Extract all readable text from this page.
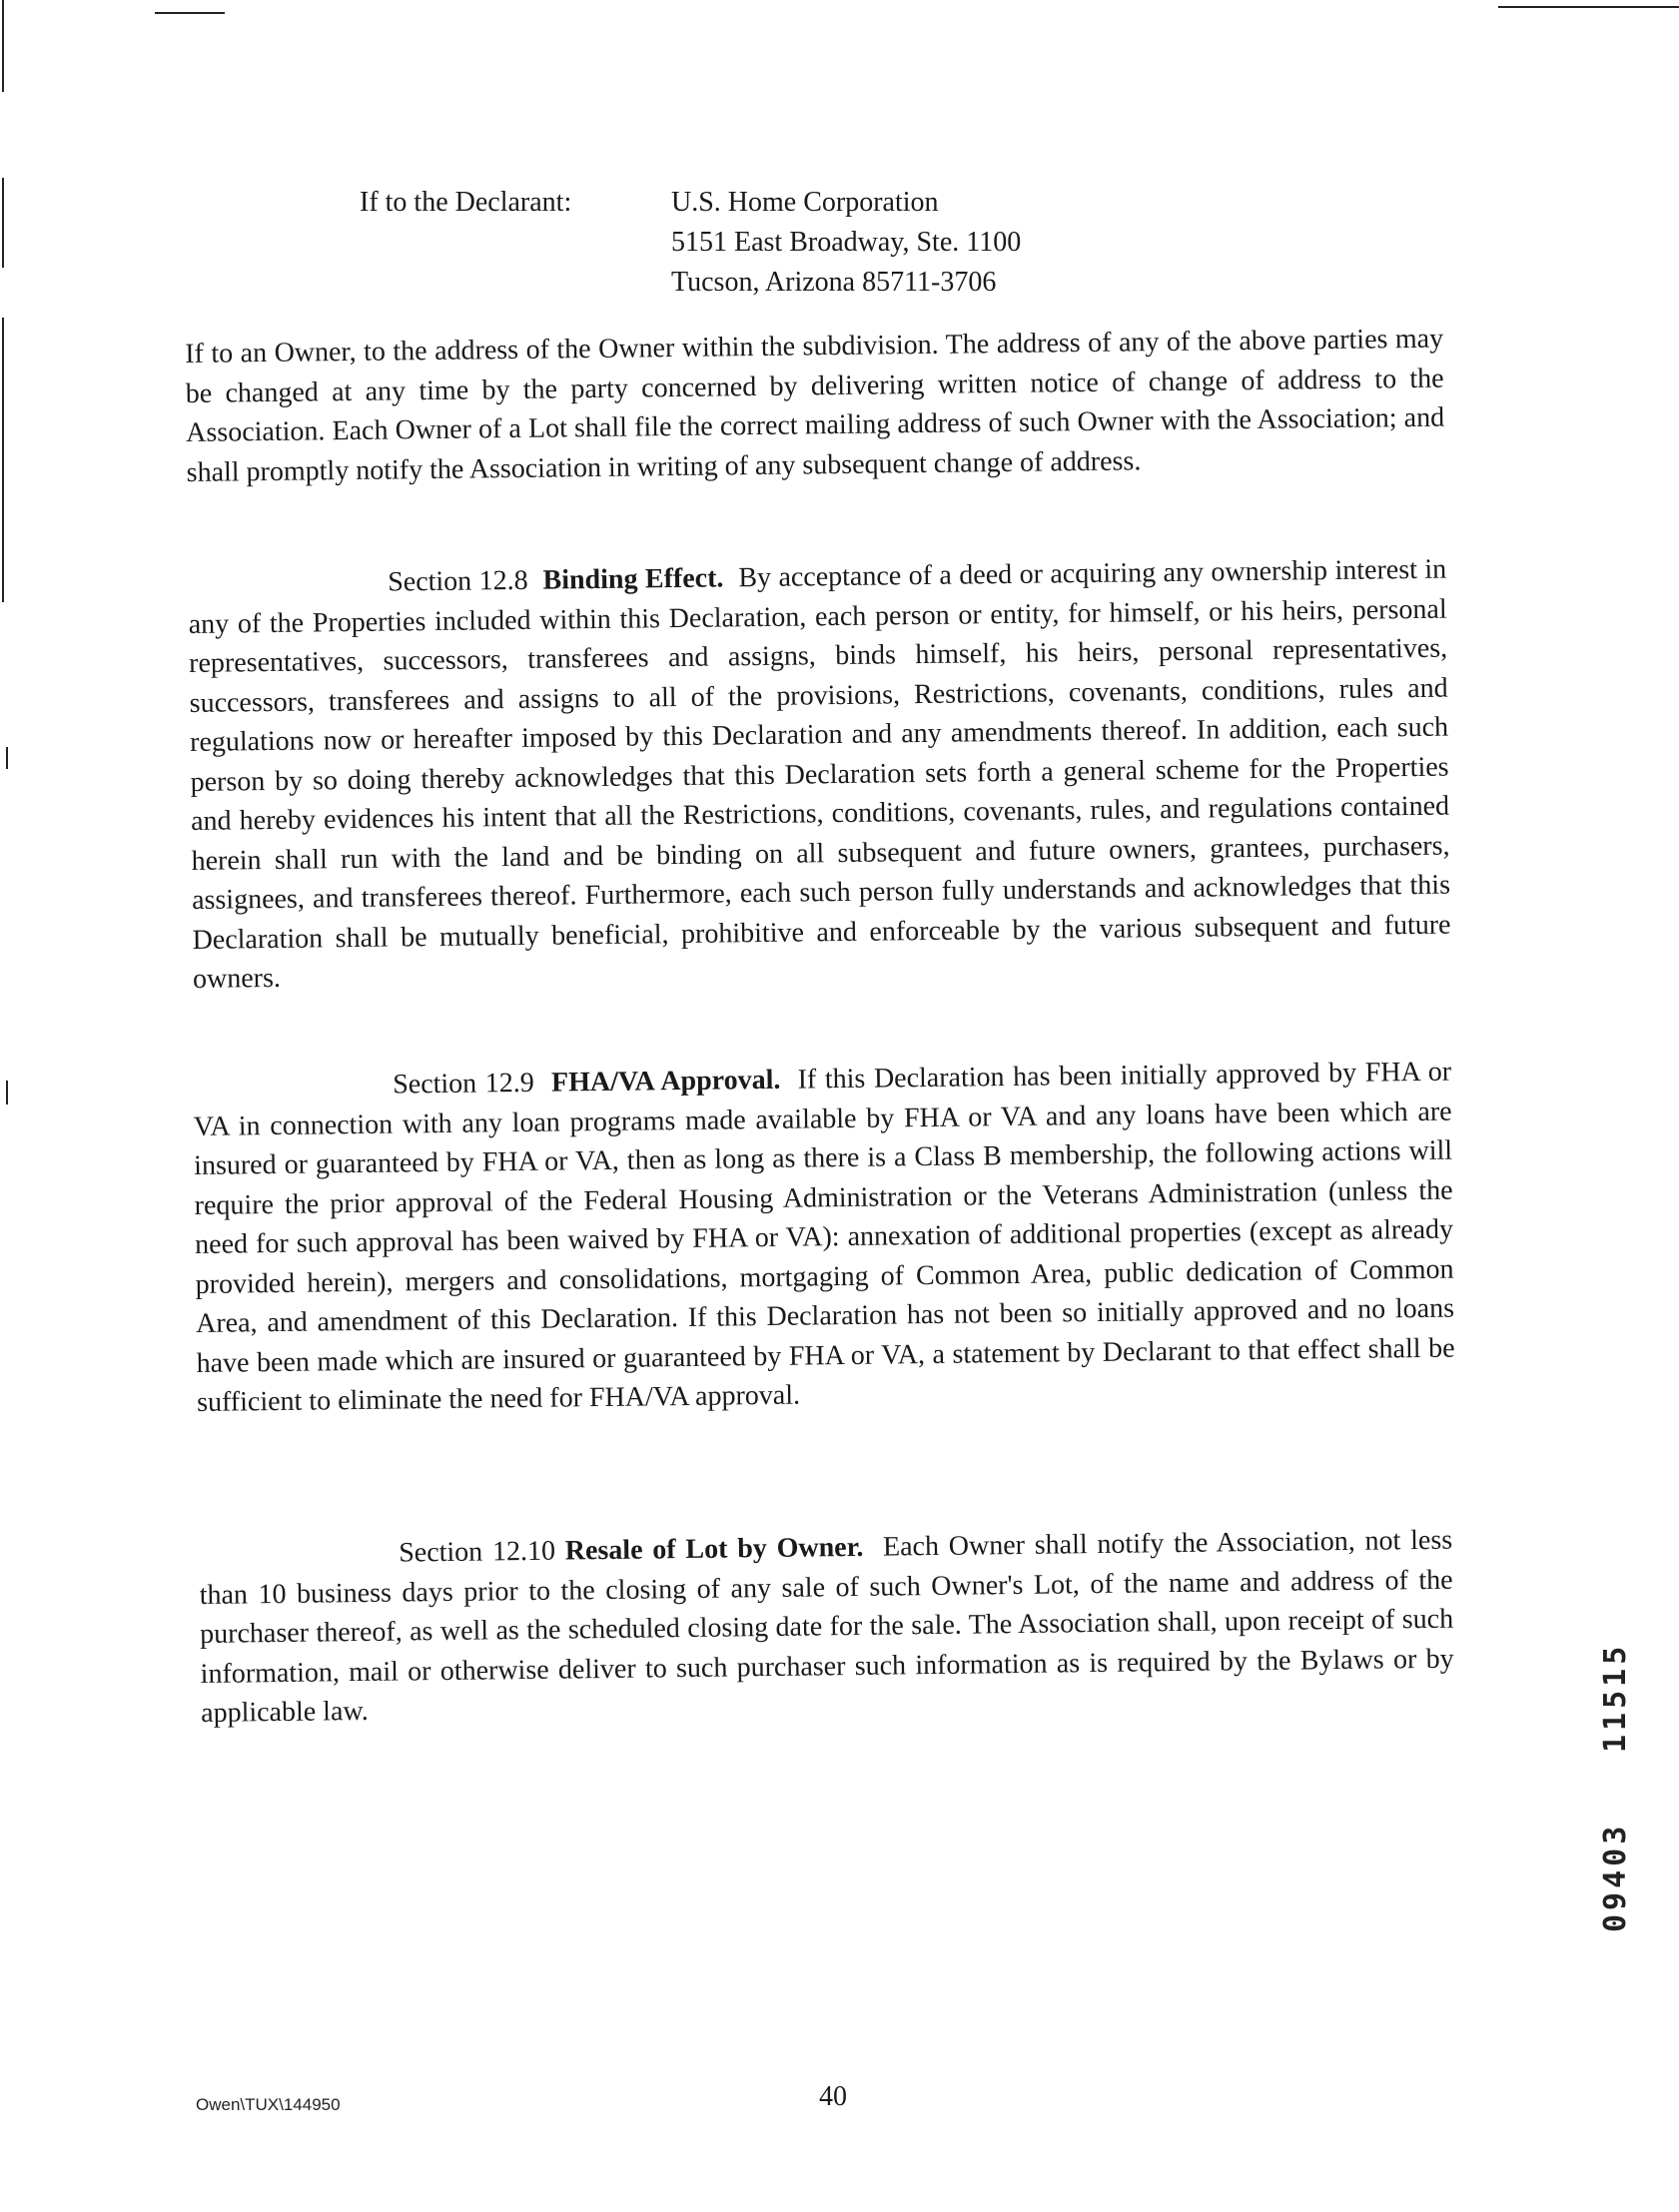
If to the Declarant:	U.S. Home Corporation
5151 East Broadway, Ste. 1100
Tucson, Arizona 85711-3706
If to an Owner, to the address of the Owner within the subdivision. The address of any of the above parties may be changed at any time by the party concerned by delivering written notice of change of address to the Association. Each Owner of a Lot shall file the correct mailing address of such Owner with the Association; and shall promptly notify the Association in writing of any subsequent change of address.
Section 12.8 Binding Effect. By acceptance of a deed or acquiring any ownership interest in any of the Properties included within this Declaration, each person or entity, for himself, or his heirs, personal representatives, successors, transferees and assigns, binds himself, his heirs, personal representatives, successors, transferees and assigns to all of the provisions, Restrictions, covenants, conditions, rules and regulations now or hereafter imposed by this Declaration and any amendments thereof. In addition, each such person by so doing thereby acknowledges that this Declaration sets forth a general scheme for the Properties and hereby evidences his intent that all the Restrictions, conditions, covenants, rules, and regulations contained herein shall run with the land and be binding on all subsequent and future owners, grantees, purchasers, assignees, and transferees thereof. Furthermore, each such person fully understands and acknowledges that this Declaration shall be mutually beneficial, prohibitive and enforceable by the various subsequent and future owners.
Section 12.9 FHA/VA Approval. If this Declaration has been initially approved by FHA or VA in connection with any loan programs made available by FHA or VA and any loans have been which are insured or guaranteed by FHA or VA, then as long as there is a Class B membership, the following actions will require the prior approval of the Federal Housing Administration or the Veterans Administration (unless the need for such approval has been waived by FHA or VA): annexation of additional properties (except as already provided herein), mergers and consolidations, mortgaging of Common Area, public dedication of Common Area, and amendment of this Declaration. If this Declaration has not been so initially approved and no loans have been made which are insured or guaranteed by FHA or VA, a statement by Declarant to that effect shall be sufficient to eliminate the need for FHA/VA approval.
Section 12.10 Resale of Lot by Owner. Each Owner shall notify the Association, not less than 10 business days prior to the closing of any sale of such Owner's Lot, of the name and address of the purchaser thereof, as well as the scheduled closing date for the sale. The Association shall, upon receipt of such information, mail or otherwise deliver to such purchaser such information as is required by the Bylaws or by applicable law.	11515
09403
Owen\TUX\144950	40
